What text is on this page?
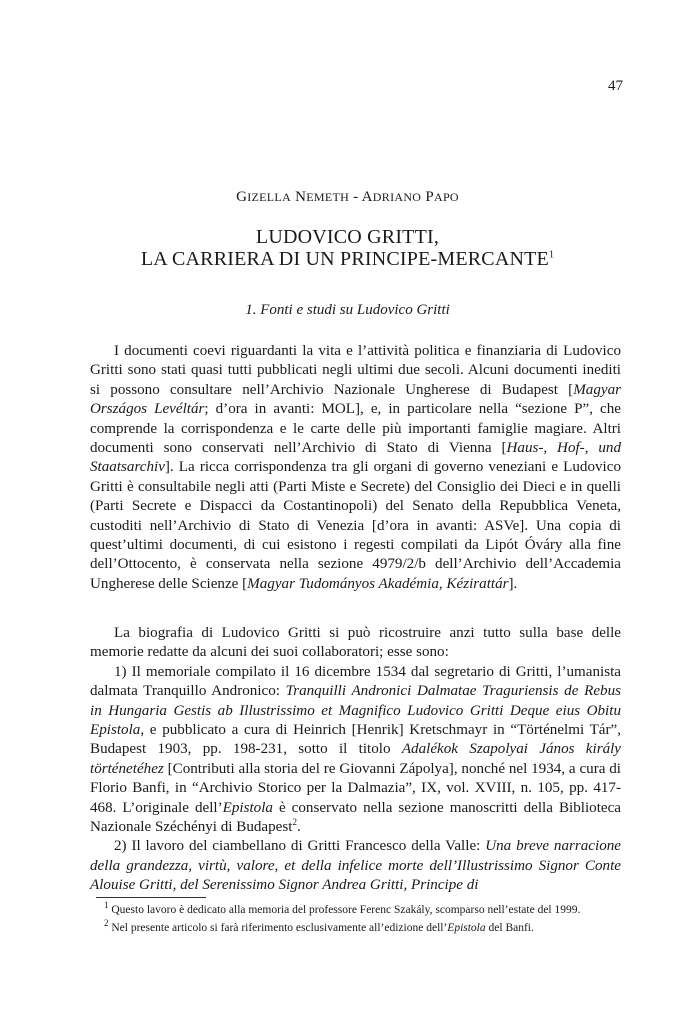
47
GIZELLA NEMETH - ADRIANO PAPO
LUDOVICO GRITTI,
LA CARRIERA DI UN PRINCIPE-MERCANTE$^1$
1. Fonti e studi su Ludovico Gritti

I documenti coevi riguardanti la vita e l’attività politica e finanziaria di Ludovico Gritti sono stati quasi tutti pubblicati negli ultimi due secoli. Alcuni documenti inediti si possono consultare nell’Archivio Nazionale Ungherese di Budapest [Magyar Országos Levéltár; d’ora in avanti: MOL], e, in particolare nella “sezione P”, che comprende la corrispondenza e le carte delle più importanti famiglie magiare. Altri documenti sono conservati nell’Archivio di Stato di Vienna [Haus-, Hof-, und Staatsarchiv]. La ricca corrispondenza tra gli organi di governo veneziani e Ludovico Gritti è consultabile negli atti (Parti Miste e Secrete) del Consiglio dei Dieci e in quelli (Parti Secrete e Dispacci da Costantinopoli) del Senato della Repubblica Veneta, custoditi nell’Archivio di Stato di Venezia [d’ora in avanti: ASVe]. Una copia di quest’ultimi documenti, di cui esistono i regesti compilati da Lipót Óváry alla fine dell’Ottocento, è conservata nella sezione 4979/2/b dell’Archivio dell’Accademia Ungherese delle Scienze [Magyar Tudományos Akadémia, Kézirattár].

La biografia di Ludovico Gritti si può ricostruire anzi tutto sulla base delle memorie redatte da alcuni dei suoi collaboratori; esse sono:

1) Il memoriale compilato il 16 dicembre 1534 dal segretario di Gritti, l’umanista dalmata Tranquillo Andronico: Tranquilli Andronici Dalmatae Traguriensis de Rebus in Hungaria Gestis ab Illustrissimo et Magnifico Ludovico Gritti Deque eius Obitu Epistola, e pubblicato a cura di Heinrich [Henrik] Kretschmayr in “Történelmi Tár”, Budapest 1903, pp. 198-231, sotto il titolo Adalékok Szapolyai János király történetéhez [Contributi alla storia del re Giovanni Zápolya], nonché nel 1934, a cura di Florio Banfi, in “Archivio Storico per la Dalmazia”, IX, vol. XVIII, n. 105, pp. 417-468. L’originale dell’Epistola è conservato nella sezione manoscritti della Biblioteca Nazionale Széchényi di Budapest$^2$.

2) Il lavoro del ciambellano di Gritti Francesco della Valle: Una breve narracione della grandezza, virtù, valore, et della infelice morte dell’Illustrissimo Signor Conte Alouise Gritti, del Serenissimo Signor Andrea Gritti, Principe di

$^1$ Questo lavoro è dedicato alla memoria del professore Ferenc Szakály, scomparso nell’estate del 1999.

$^2$ Nel presente articolo si farà riferimento esclusivamente all’edizione dell’Epistola del Banfi.
